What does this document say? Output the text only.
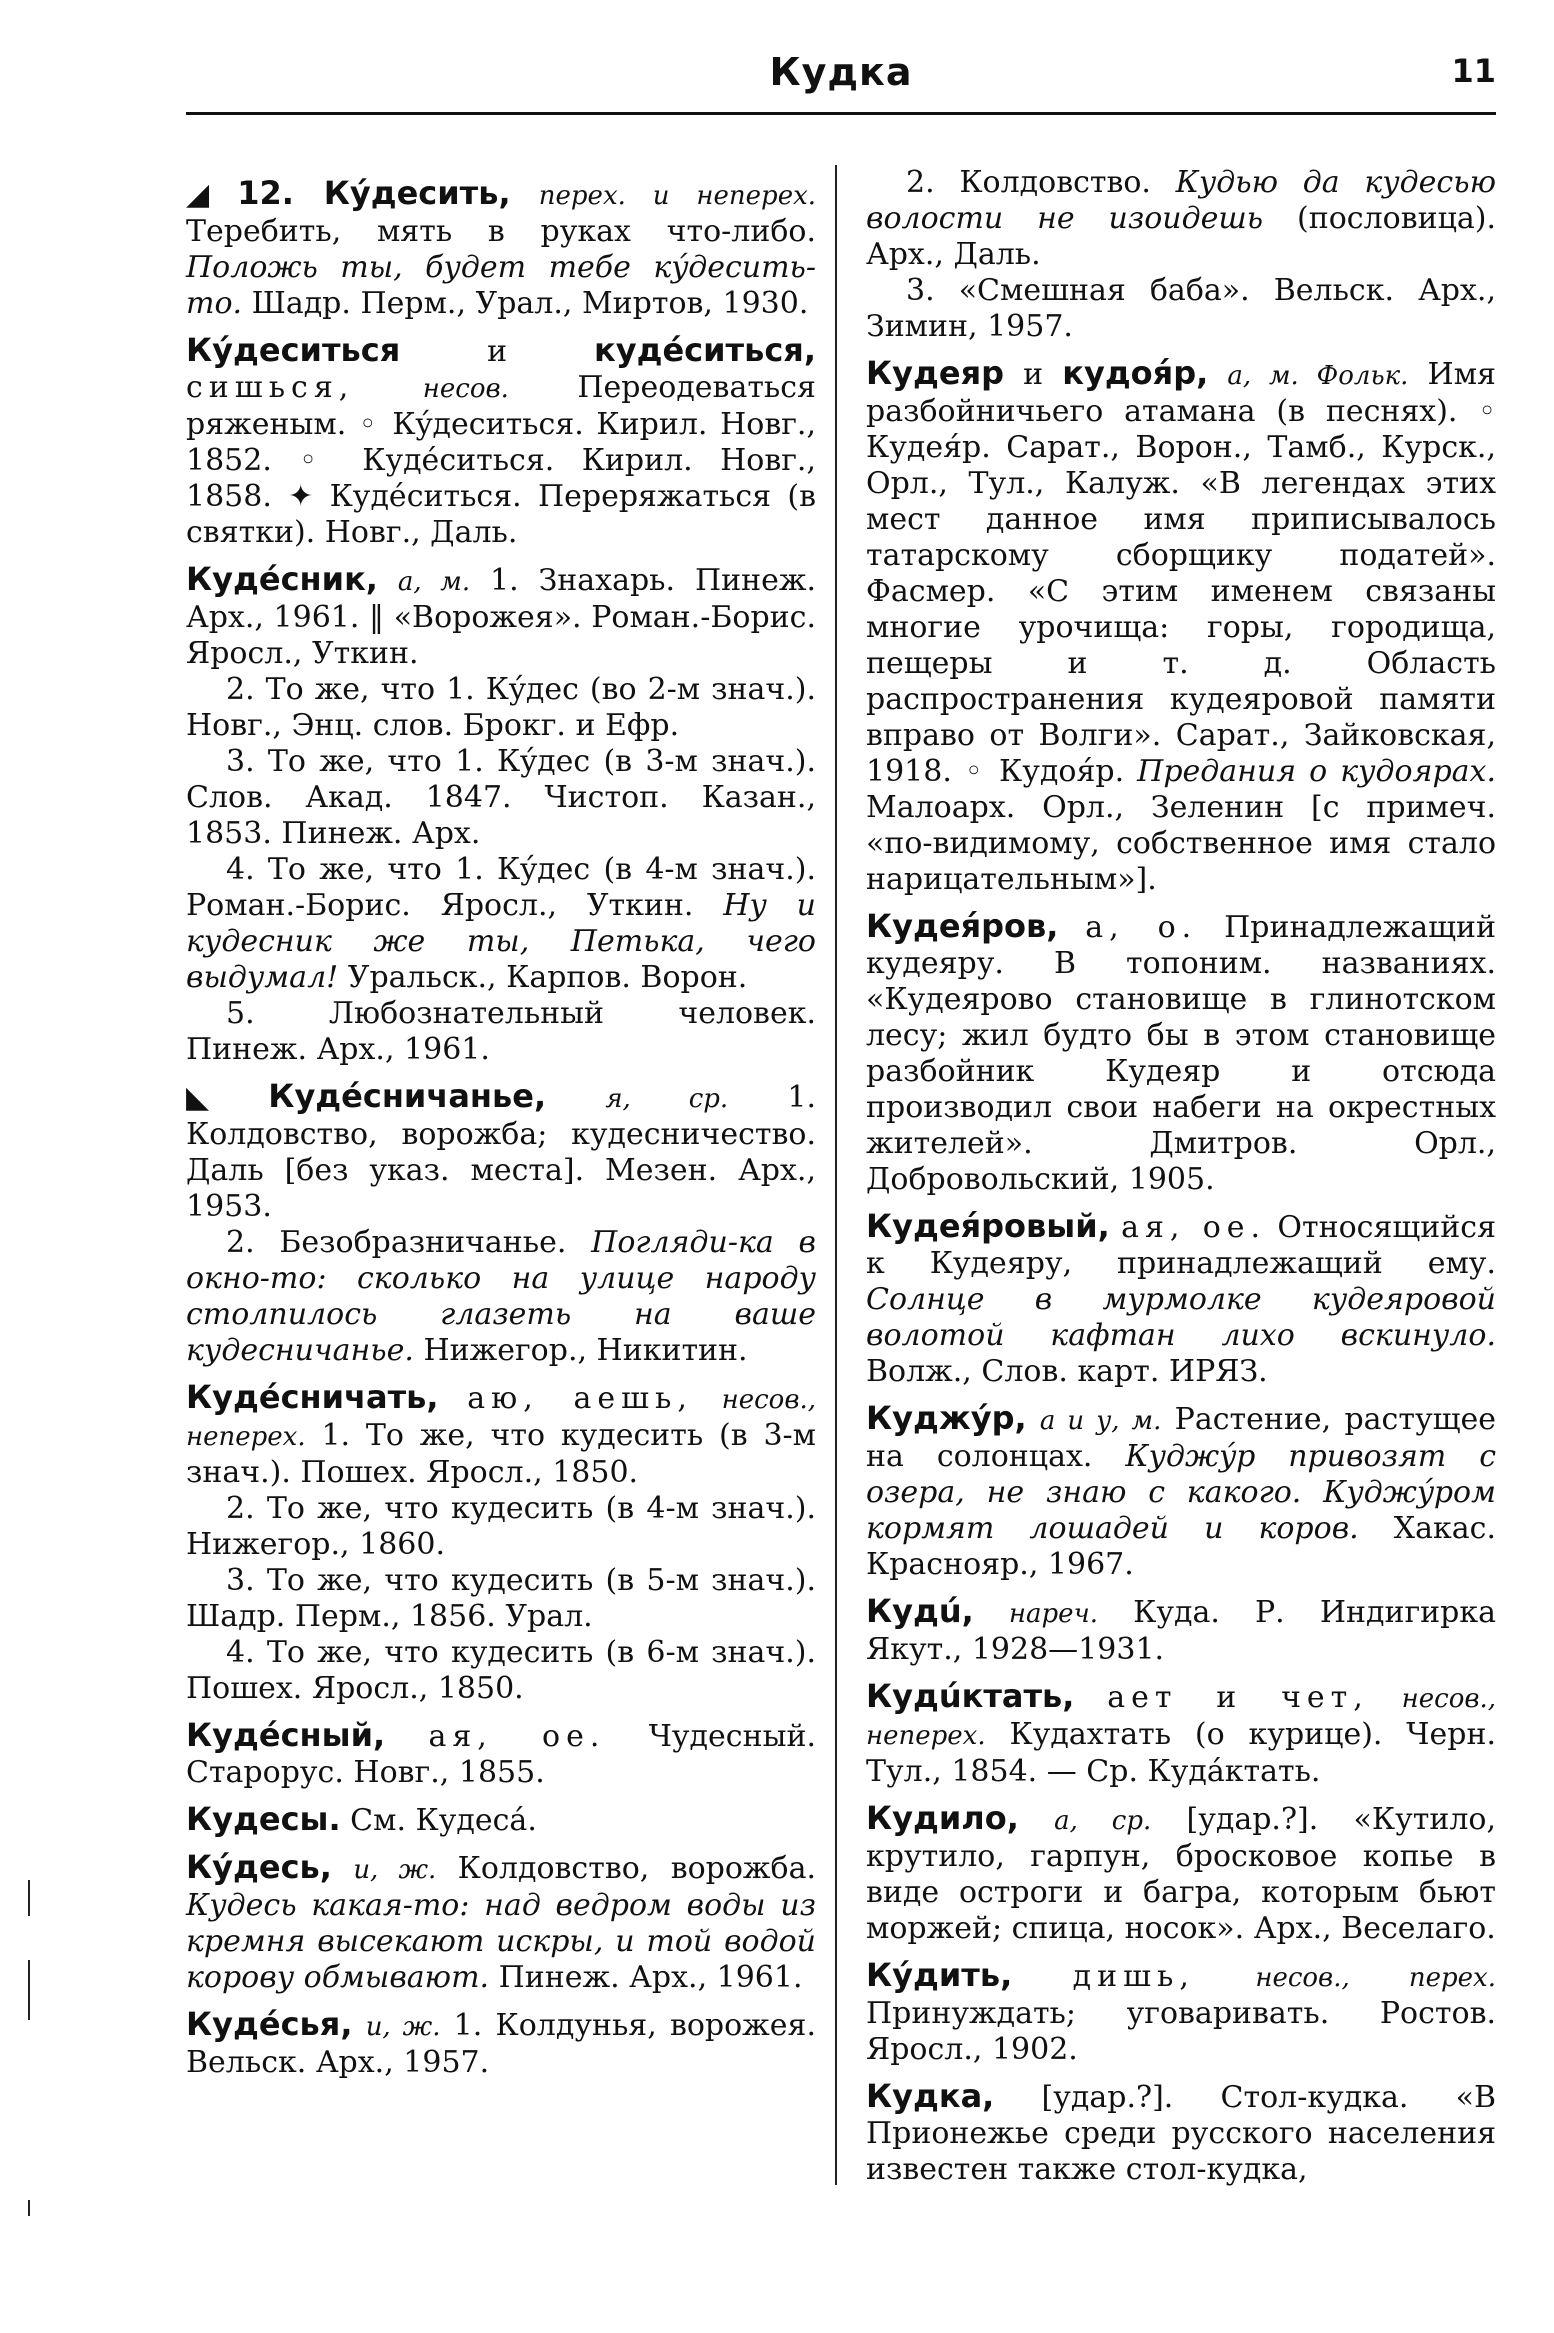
Кудка	11

◢ 12. Кýдесить, перех. и неперех. Теребить, мять в руках что-либо. Положь ты, будет тебе кýдесить-то. Шадр. Перм., Урал., Миртов, 1930.

Кýдеситься и кудéситься, сишься,	несов. Переодеваться ряженым. ◦ Кýдеситься. Кирил. Новг., 1852. ◦ Кудéситься. Кирил. Новг., 1858. ✦ Кудéситься. Переряжаться (в святки). Новг., Даль.

Кудéсник, а, м. 1. Знахарь. Пинеж. Арх., 1961. ‖ «Ворожея». Роман.-Борис. Яросл., Уткин.

2. То же, что 1. Кýдес (во 2-м знач.). Новг., Энц. слов. Брокг. и Ефр.

3. То же, что 1. Кýдес (в 3-м знач.). Слов. Акад. 1847. Чистоп. Казан., 1853. Пинеж. Арх.

4. То же, что 1. Кýдес (в 4-м знач.). Роман.-Борис. Яросл., Уткин. Ну и кудесник же ты, Петька, чего выдумал! Уральск., Карпов. Ворон.

5. Любознательный человек. Пинеж. Арх., 1961.

◣ Кудéсничанье, я, ср. 1. Колдовство, ворожба; кудесничество. Даль [без указ. места]. Мезен. Арх., 1953.

2. Безобразничанье. Погляди-ка в окно-то: сколько на улице народу столпилось глазеть на ваше кудесничанье. Нижегор., Никитин.

Кудéсничать, аю, аешь, несов., неперех. 1. То же, что кудесить (в 3-м знач.). Пошех. Яросл., 1850.

2. То же, что кудесить (в 4-м знач.). Нижегор., 1860.

3. То же, что кудесить (в 5-м знач.). Шадр. Перм., 1856. Урал.

4. То же, что кудесить (в 6-м знач.). Пошех. Яросл., 1850.

Кудéсный, ая, ое. Чудесный. Старорус. Новг., 1855.

Кудесы. См. Кудесá.

Кýдесь, и, ж. Колдовство, ворожба. Кудесь какая-то: над ведром воды из кремня высекают искры, и той водой корову обмывают. Пинеж. Арх., 1961.

Кудéсья, и, ж. 1. Колдунья, ворожея. Вельск. Арх., 1957.

2. Колдовство. Кудью да кудесью волости не изоидешь (пословица). Арх., Даль.

3. «Смешная баба». Вельск. Арх., Зимин, 1957.

Кудеяр и кудоя́р, а, м. Фольк. Имя разбойничьего атамана (в песнях). ◦ Кудея́р. Сарат., Ворон., Тамб., Курск., Орл., Тул., Калуж. «В легендах этих мест данное имя приписывалось татарскому сборщику податей». Фасмер. «С этим именем связаны многие урочища: горы, городища, пещеры и т. д. Область распространения кудеяровой памяти вправо от Волги». Сарат., Зайковская, 1918. ◦ Кудоя́р. Предания о кудоярах. Малоарх. Орл., Зеленин [с примеч. «по-видимому, собственное имя стало нарицательным»].

Кудея́ров, а, о. Принадлежащий кудеяру. В топоним. названиях. «Кудеярово становище в глинотском лесу; жил будто бы в этом становище разбойник Кудеяр и отсюда производил свои набеги на окрестных жителей». Дмитров. Орл., Добровольский, 1905.

Кудея́ровый, ая, ое. Относящийся к Кудеяру, принадлежащий ему. Солнце в мурмолке кудеяровой волотой кафтан лихо вскинуло. Волж., Слов. карт. ИРЯЗ.

Куджýр, а и у, м. Растение, растущее на солонцах. Куджýр привозят с озера, не знаю с какого. Куджýром кормят лошадей и коров. Хакас. Краснояр., 1967.

Кудú, нареч. Куда. Р. Индигирка Якут., 1928—1931.

Кудúктать, ает и чет, несов., неперех. Кудахтать (о курице). Черн. Тул., 1854. — Ср. Кудáктать.

Кудило, а, ср. [удар.?]. «Кутило, крутило, гарпун, бросковое копье в виде остроги и багра, которым бьют моржей; спица, носок». Арх., Веселаго.

Кýдить, дишь, несов., перех. Принуждать; уговаривать. Ростов. Яросл., 1902.

Кудка, [удар.?]. Стол-кудка. «В Приoнежье среди русского населения известен также стол-кудка,
